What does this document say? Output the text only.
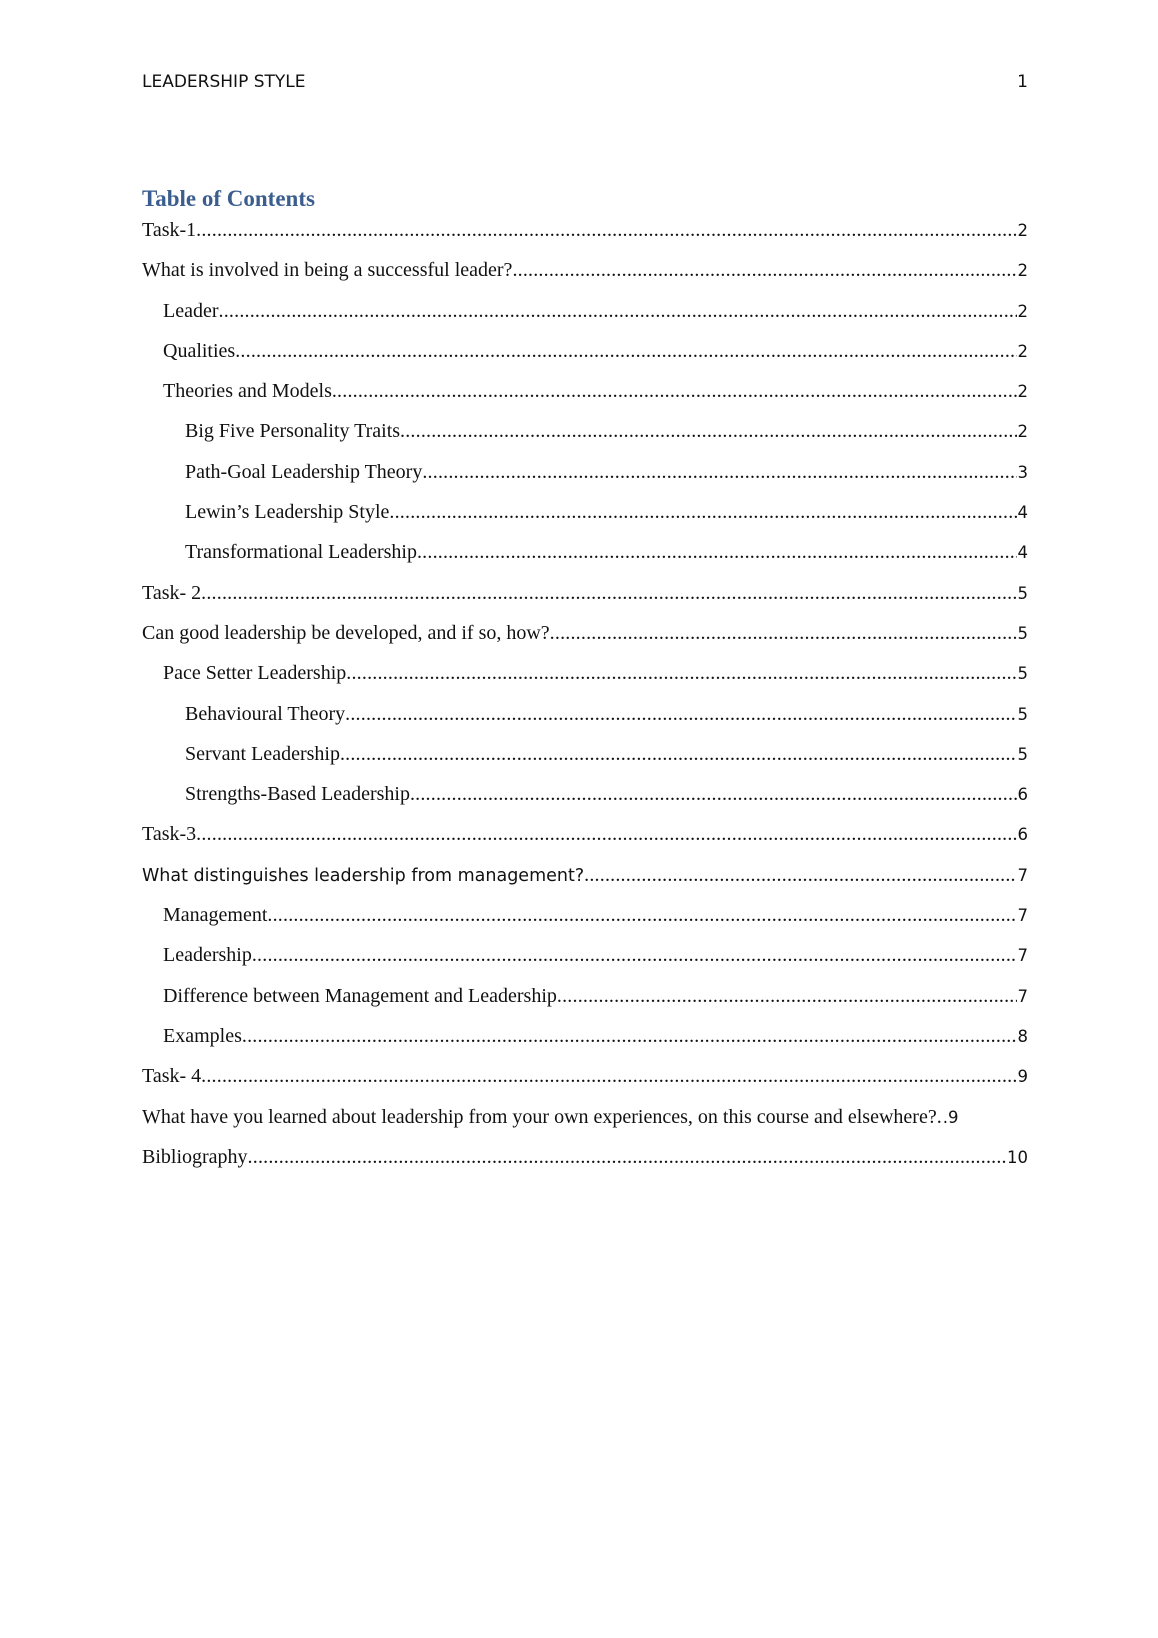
LEADERSHIP STYLE	1
Table of Contents
Task-1 .....	2
What is involved in being a successful leader? .....	2
Leader .....	2
Qualities .....	2
Theories and Models .....	2
Big Five Personality Traits .....	2
Path-Goal Leadership Theory .....	3
Lewin’s Leadership Style .....	4
Transformational Leadership .....	4
Task- 2 .....	5
Can good leadership be developed, and if so, how? .....	5
Pace Setter Leadership .....	5
Behavioural Theory .....	5
Servant Leadership .....	5
Strengths-Based Leadership .....	6
Task-3 .....	6
What distinguishes leadership from management? .....	7
Management .....	7
Leadership .....	7
Difference between Management and Leadership .....	7
Examples .....	8
Task- 4 .....	9
What have you learned about leadership from your own experiences, on this course and elsewhere?. .9
Bibliography .....	10
